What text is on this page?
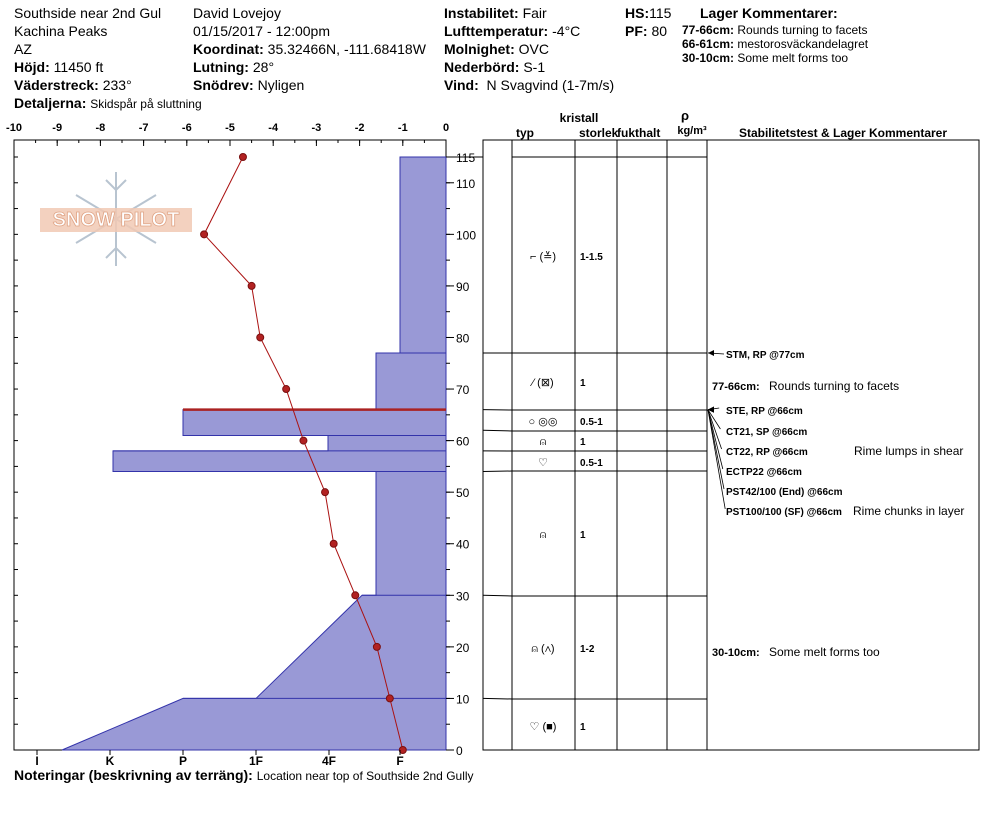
Southside near 2nd Gul
Kachina Peaks
AZ
Höjd: 11450 ft
Väderstreck: 233°
Detaljerna: Skidspår på sluttning
David Lovejoy
01/15/2017 - 12:00pm
Koordinat: 35.32466N, -111.68418W
Lutning: 28°
Snödrev: Nyligen
Instabilitet: Fair
Lufttemperatur: -4°C
Molnighet: OVC
Nederbörd: S-1
Vind: N Svagvind (1-7m/s)
HS:115
PF: 80
Lager Kommentarer:
77-66cm: Rounds turning to facets
66-61cm: mestorosväckandelagret
30-10cm: Some melt forms too
SNOW PILOT
-10	-9	-8	-7	-6	-5	-4	-3	-2	-1	0
0
10
20
30
40
50
60
70
80
90
100
110
115
I	K	P	1F	4F	F
kristall
typ	storlek
fukthalt
ρ
kg/m³	Stabilitetstest & Lager Kommentarer
⌐ (≚) 1-1.5
⁄ (⊠)	1
○ ◎◎ 0.5-1
⍝	1
♡	0.5-1
⍝	1
⍝ (∧)	1-2
♡ (■) 1
STM, RP @77cm
STE, RP @66cm
CT21, SP @66cm
CT22, RP @66cm	Rime lumps in shear
ECTP22 @66cm
PST42/100 (End) @66cm
PST100/100 (SF) @66cm Rime chunks in layer
77-66cm: Rounds turning to facets
30-10cm: Some melt forms too
Noteringar (beskrivning av terräng): Location near top of Southside 2nd Gully
